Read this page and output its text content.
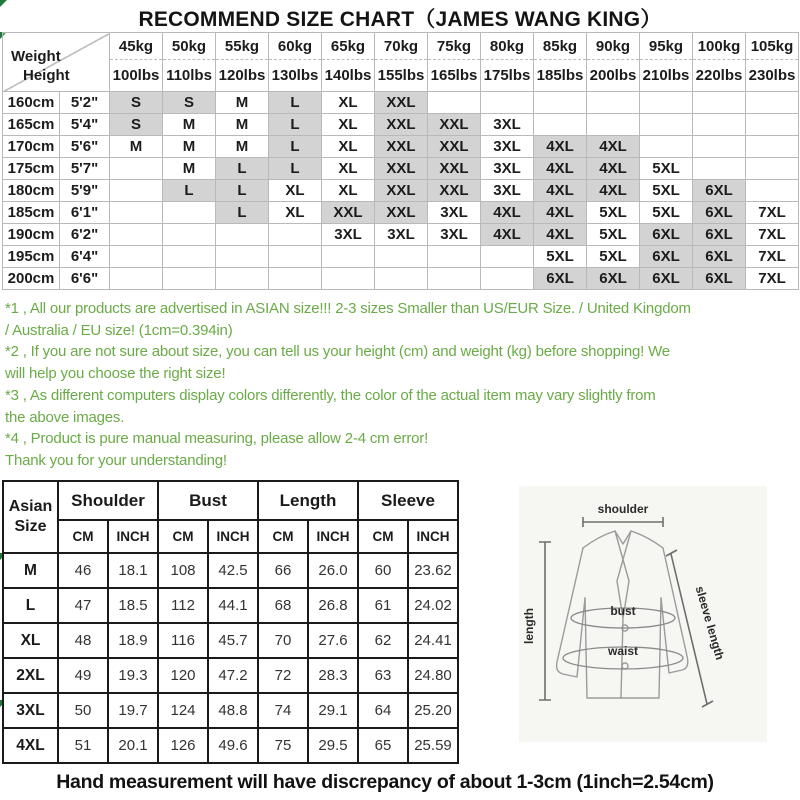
RECOMMEND SIZE CHART（JAMES WANG KING）
Weight
Height		45kg	50kg	55kg	60kg	65kg	70kg	75kg	80kg	85kg	90kg	95kg	100kg	105kg
		100lbs	110lbs	120lbs	130lbs	140lbs	155lbs	165lbs	175lbs	185lbs	200lbs	210lbs	220lbs	230lbs
160cm	5'2"	S	S	M	L	XL	XXL							
165cm	5'4"	S	M	M	L	XL	XXL	XXL	3XL					
170cm	5'6"	M	M	M	L	XL	XXL	XXL	3XL	4XL	4XL			
175cm	5'7"		M	L	L	XL	XXL	XXL	3XL	4XL	4XL	5XL		
180cm	5'9"		L	L	XL	XL	XXL	XXL	3XL	4XL	4XL	5XL	6XL	
185cm	6'1"			L	XL	XXL	XXL	3XL	4XL	4XL	5XL	5XL	6XL	7XL
190cm	6'2"					3XL	3XL	3XL	4XL	4XL	5XL	6XL	6XL	7XL
195cm	6'4"									5XL	5XL	6XL	6XL	7XL
200cm	6'6"									6XL	6XL	6XL	6XL	7XL
*1 , All our products are advertised in ASIAN size!!! 2-3 sizes Smaller than US/EUR Size. / United Kingdom
/ Australia / EU size! (1cm=0.394in)
*2 , If you are not sure about size, you can tell us your height (cm) and weight (kg) before shopping! We
will help you choose the right size!
*3 , As different computers display colors differently, the color of the actual item may vary slightly from
the above images.
*4 , Product is pure manual measuring, please allow 2-4 cm error!
Thank you for your understanding!
Asian
Size	Shoulder		Bust		Length		Sleeve	
	CM	INCH	CM	INCH	CM	INCH	CM	INCH
M	46	18.1	108	42.5	66	26.0	60	23.62
L	47	18.5	112	44.1	68	26.8	61	24.02
XL	48	18.9	116	45.7	70	27.6	62	24.41
2XL	49	19.3	120	47.2	72	28.3	63	24.80
3XL	50	19.7	124	48.8	74	29.1	64	25.20
4XL	51	20.1	126	49.6	75	29.5	65	25.59
shoulder
length	sleeve length
bust
waist
Hand measurement will have discrepancy of about 1-3cm (1inch=2.54cm)
